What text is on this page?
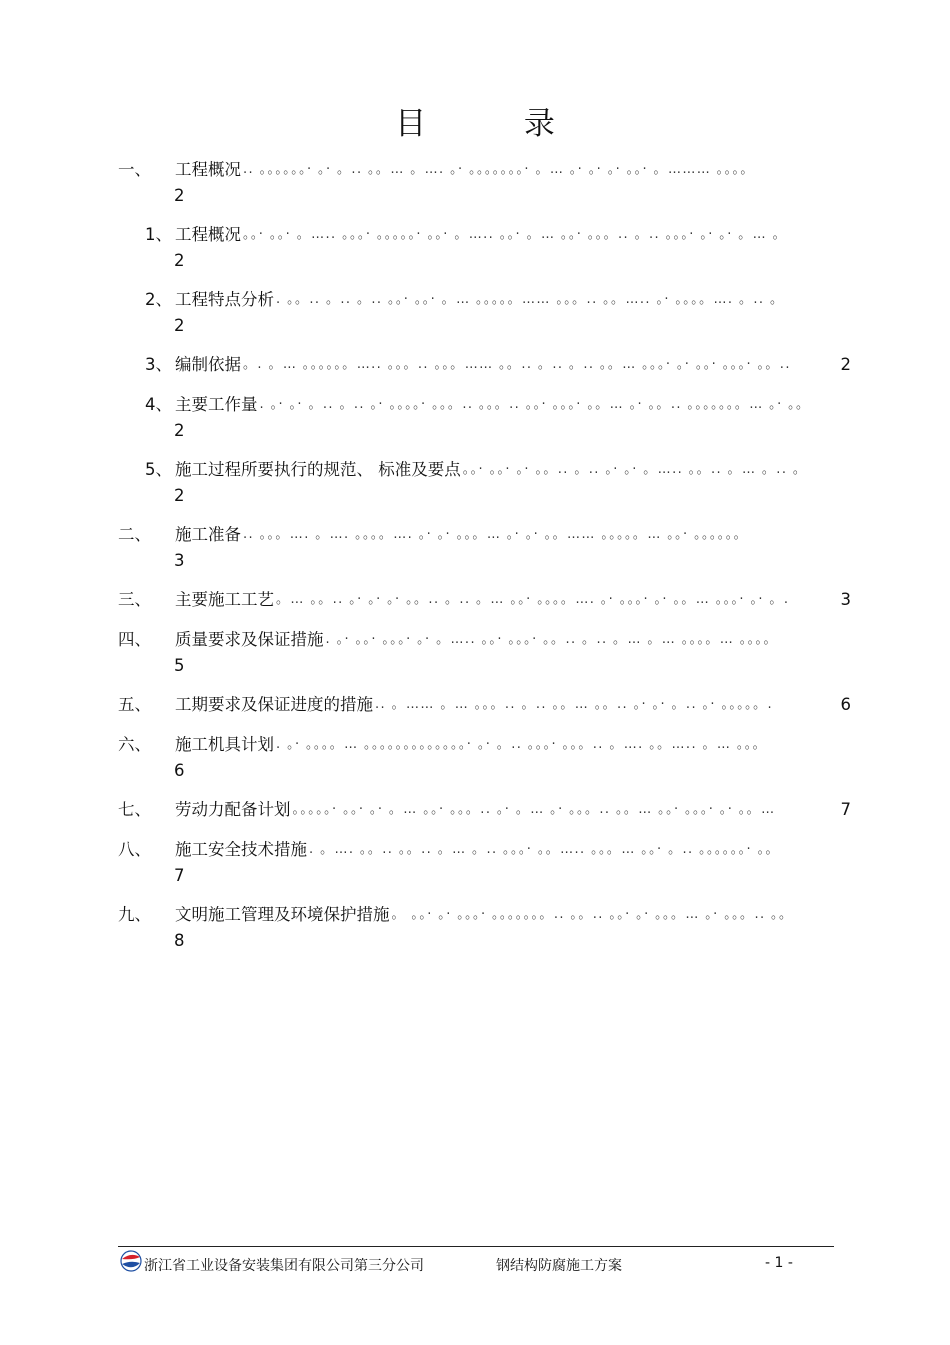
目 录
一、 工程概况 .. 。。。。。。· 。· 。.. 。。… 。…. 。· 。。。。。。。· 。… 。· 。· 。· 。。· 。……… 。。。。
2
1、 工程概况 。。· 。。· 。….. 。。。· 。。。。。· 。。· 。….. 。。· 。… 。。· 。。。.. 。.. 。。。· 。· 。· 。… 。
2
2、 工程特点分析 . 。。.. 。.. 。.. 。。· 。。· 。… 。。。。。…… 。。。.. 。。….. 。· 。。。。…. 。.. 。
2
3、 编制依据 。. 。… 。。。。。。….. 。。。.. 。。。…… 。。.. 。.. 。.. 。。… 。。。· 。· 。。· 。。。· 。。..	2
4、 主要工作量 . 。· 。· 。.. 。.. 。· 。。。。· 。。。.. 。。。.. 。。· 。。。· 。。… 。· 。。.. 。。。。。。。… 。· 。。
2
5、 施工过程所要执行的规范、 标准及要点 。。· 。。· 。· 。。.. 。.. 。· 。· 。….. 。。.. 。… 。.. 。
2
二、 施工准备 .. 。。。…. 。…. 。。。。…. 。· 。· 。。。… 。· 。· 。。…… 。。。。。… 。。· 。。。。。。
3
三、 主要施工工艺 。… 。。.. 。· 。· 。· 。。.. 。.. 。… 。。· 。。。。…. 。· 。。。· 。· 。。… 。。。· 。· 。.	3
四、 质量要求及保证措施 . 。· 。。· 。。。· 。· 。….. 。。· 。。。· 。。.. 。.. 。… 。… 。。。。… 。。。。
5
五、 工期要求及保证进度的措施 .. 。…… 。… 。。。.. 。.. 。。… 。。.. 。· 。· 。.. 。· 。。。。。.	6
六、 施工机具计划 . 。· 。。。。… 。。。。。。。。。。。。。· 。· 。.. 。。。· 。。。.. 。…. 。。….. 。… 。。。
6
七、 劳动力配备计划 。。。。。· 。。· 。· 。… 。。· 。。。.. 。· 。… 。· 。。。.. 。。… 。。· 。。。· 。· 。。…	7
八、 施工安全技术措施 . 。…. 。。.. 。。.. 。… 。.. 。。。· 。。….. 。。。… 。。· 。.. 。。。。。。· 。。
7
九、 文明施工管理及环境保护措施 。 。。· 。· 。。。· 。。。。。。。.. 。。.. 。。· 。· 。。。… 。· 。。。.. 。。
8
浙江省工业设备安装集团有限公司第三分公司	钢结构防腐施工方案	- 1 -
